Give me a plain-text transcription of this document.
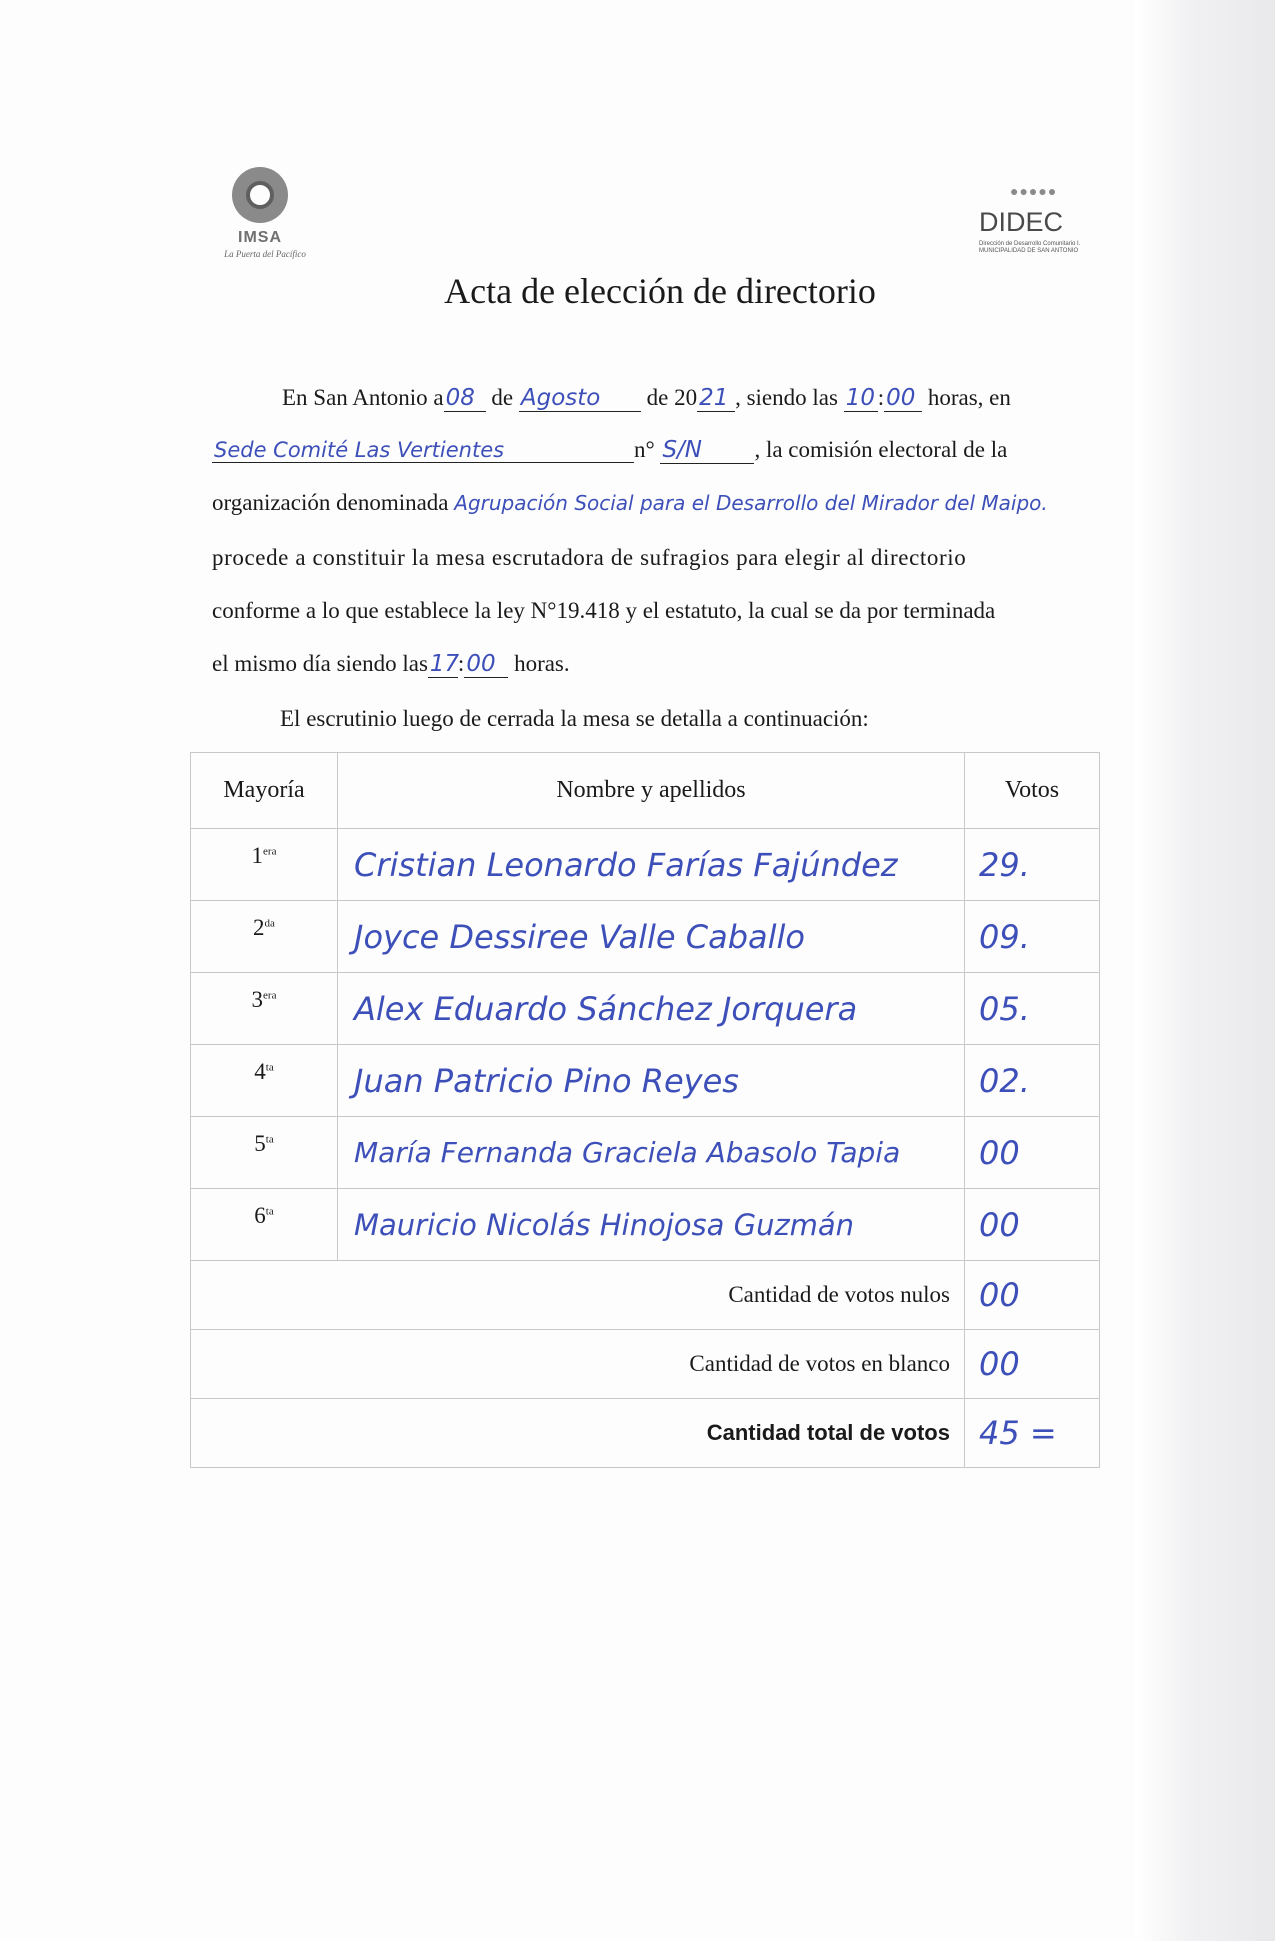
IMSA
La Puerta del Pacífico
●●●●●
DIDEC
Dirección de Desarrollo Comunitario I. MUNICIPALIDAD DE SAN ANTONIO
Acta de elección de directorio
En San Antonio a08 de Agosto de 2021 , siendo las 10 :00 horas, en
Sede Comité Las Vertientes	n° S/N , la comisión electoral de la
organización denominada Agrupación Social para el Desarrollo del Mirador del Maipo.
procede a constituir la mesa escrutadora de sufragios para elegir al directorio
conforme a lo que establece la ley N°19.418 y el estatuto, la cual se da por terminada
el mismo día siendo las17:00 horas.
El escrutinio luego de cerrada la mesa se detalla a continuación:
Mayoría	Nombre y apellidos	Votos
$1^{era}$	Cristian Leonardo Farías Fajúndez	29.
$2^{da}$	Joyce Dessiree Valle Caballo	09.
$3^{era}$	Alex Eduardo Sánchez Jorquera	05.
$4^{ta}$	Juan Patricio Pino Reyes	02.
$5^{ta}$	María Fernanda Graciela Abasolo Tapia	00
$6^{ta}$	Mauricio Nicolás Hinojosa Guzmán	00
Cantidad de votos nulos		00
Cantidad de votos en blanco		00
Cantidad total de votos		45 =
